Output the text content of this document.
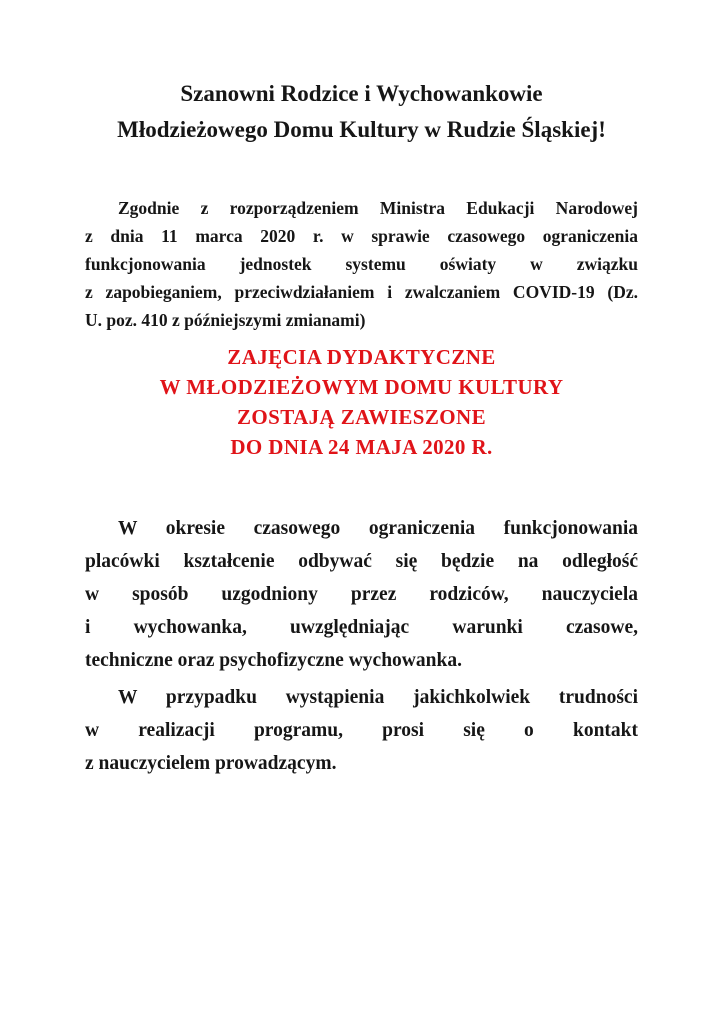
Szanowni Rodzice i Wychowankowie
Młodzieżowego Domu Kultury w Rudzie Śląskiej!
Zgodnie z rozporządzeniem Ministra Edukacji Narodowej
z dnia 11 marca 2020 r. w sprawie czasowego ograniczenia
funkcjonowania jednostek systemu oświaty w związku
z zapobieganiem, przeciwdziałaniem i zwalczaniem COVID-19 (Dz.
U. poz. 410 z późniejszymi zmianami)
ZAJĘCIA DYDAKTYCZNE
W MŁODZIEŻOWYM DOMU KULTURY
ZOSTAJĄ ZAWIESZONE
DO DNIA 24 MAJA 2020 R.
W okresie czasowego ograniczenia funkcjonowania
placówki kształcenie odbywać się będzie na odległość
w sposób uzgodniony przez rodziców, nauczyciela
i wychowanka, uwzględniając warunki czasowe,
techniczne oraz psychofizyczne wychowanka.
W przypadku wystąpienia jakichkolwiek trudności
w realizacji programu, prosi się o kontakt
z nauczycielem prowadzącym.
